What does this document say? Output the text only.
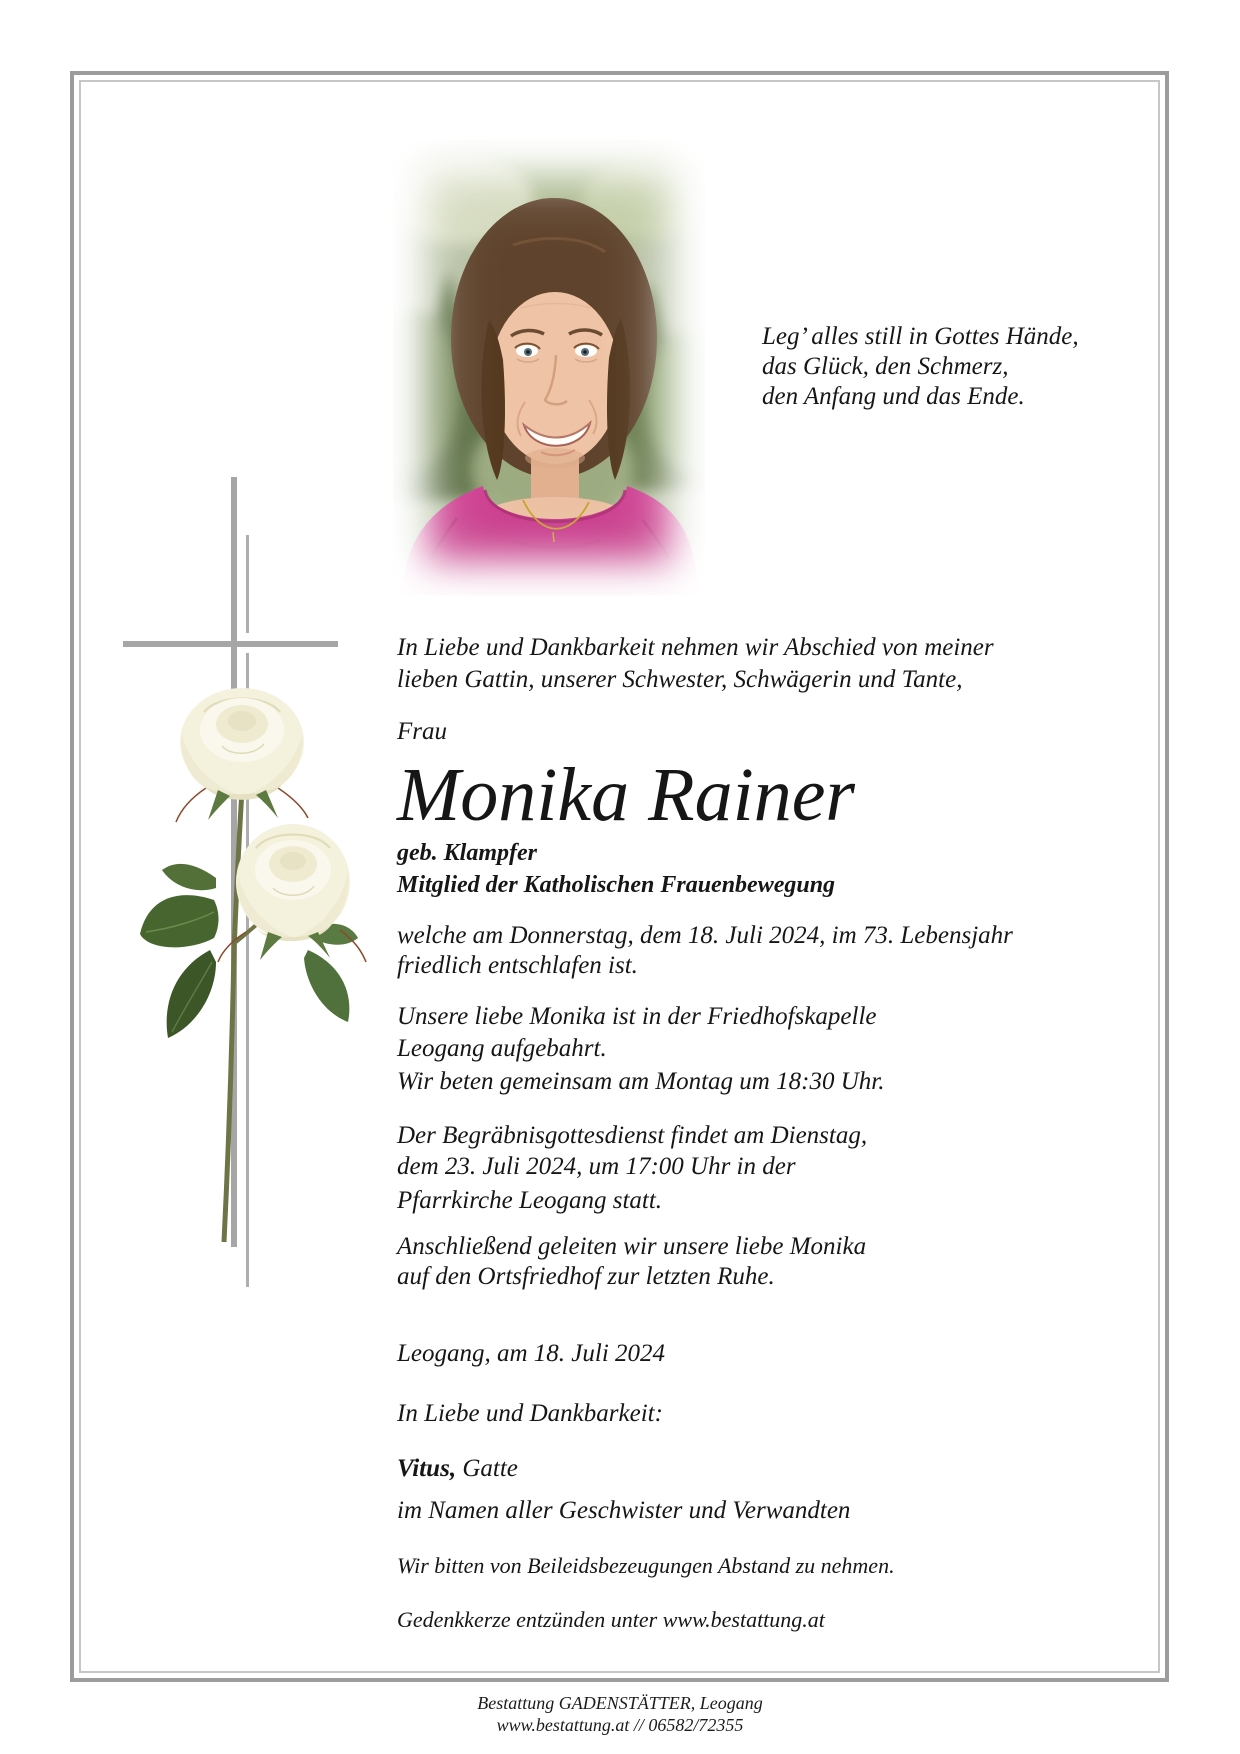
Leg’ alles still in Gottes Hände,
das Glück, den Schmerz,
den Anfang und das Ende.
In Liebe und Dankbarkeit nehmen wir Abschied von meiner
lieben Gattin, unserer Schwester, Schwägerin und Tante,
Frau
Monika Rainer
geb. Klampfer
Mitglied der Katholischen Frauenbewegung
welche am Donnerstag, dem 18. Juli 2024, im 73. Lebensjahr
friedlich entschlafen ist.
Unsere liebe Monika ist in der Friedhofskapelle
Leogang aufgebahrt.
Wir beten gemeinsam am Montag um 18:30 Uhr.
Der Begräbnisgottesdienst findet am Dienstag,
dem 23. Juli 2024, um 17:00 Uhr in der
Pfarrkirche Leogang statt.
Anschließend geleiten wir unsere liebe Monika
auf den Ortsfriedhof zur letzten Ruhe.
Leogang, am 18. Juli 2024
In Liebe und Dankbarkeit:
Vitus, Gatte
im Namen aller Geschwister und Verwandten
Wir bitten von Beileidsbezeugungen Abstand zu nehmen.
Gedenkkerze entzünden unter www.bestattung.at
Bestattung GADENSTÄTTER, Leogang
www.bestattung.at // 06582/72355
